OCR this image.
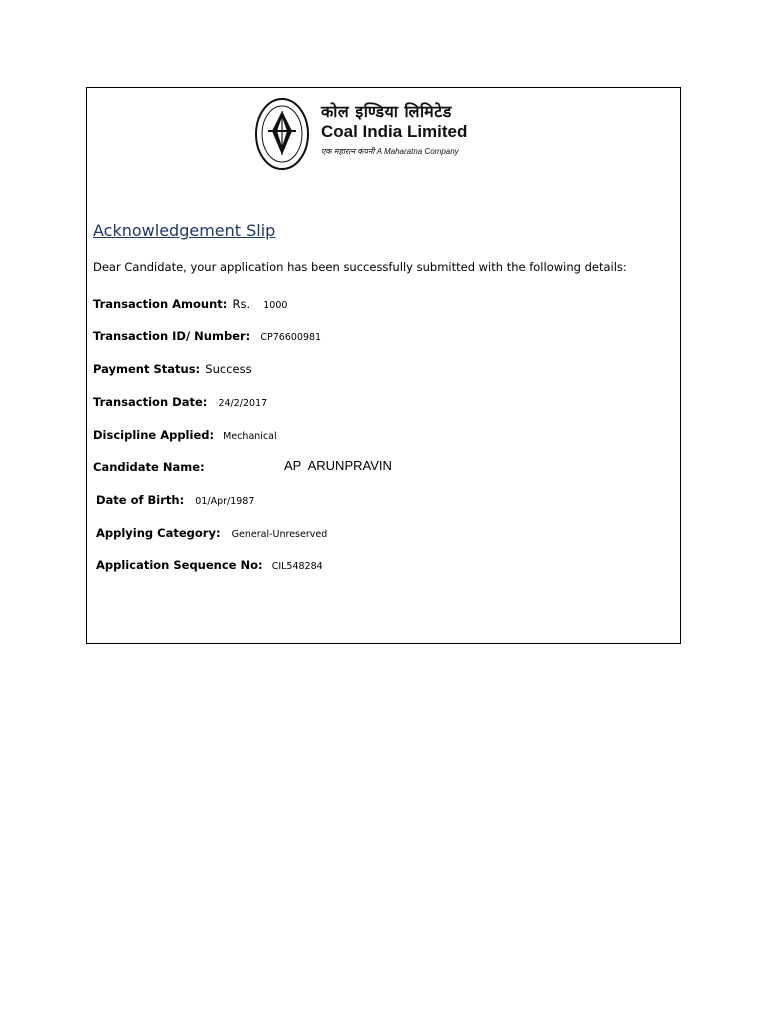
कोल इण्डिया लिमिटेड
Coal India Limited
एक महारत्न कंपनी A Maharatna Company
Acknowledgement Slip
Dear Candidate, your application has been successfully submitted with the following details:
Transaction Amount: Rs. 1000
Transaction ID/ Number: CP76600981
Payment Status: Success
Transaction Date: 24/2/2017
Discipline Applied: Mechanical
Candidate Name:	AP  ARUNPRAVIN
Date of Birth: 01/Apr/1987
Applying Category: General-Unreserved
Application Sequence No: CIL548284
